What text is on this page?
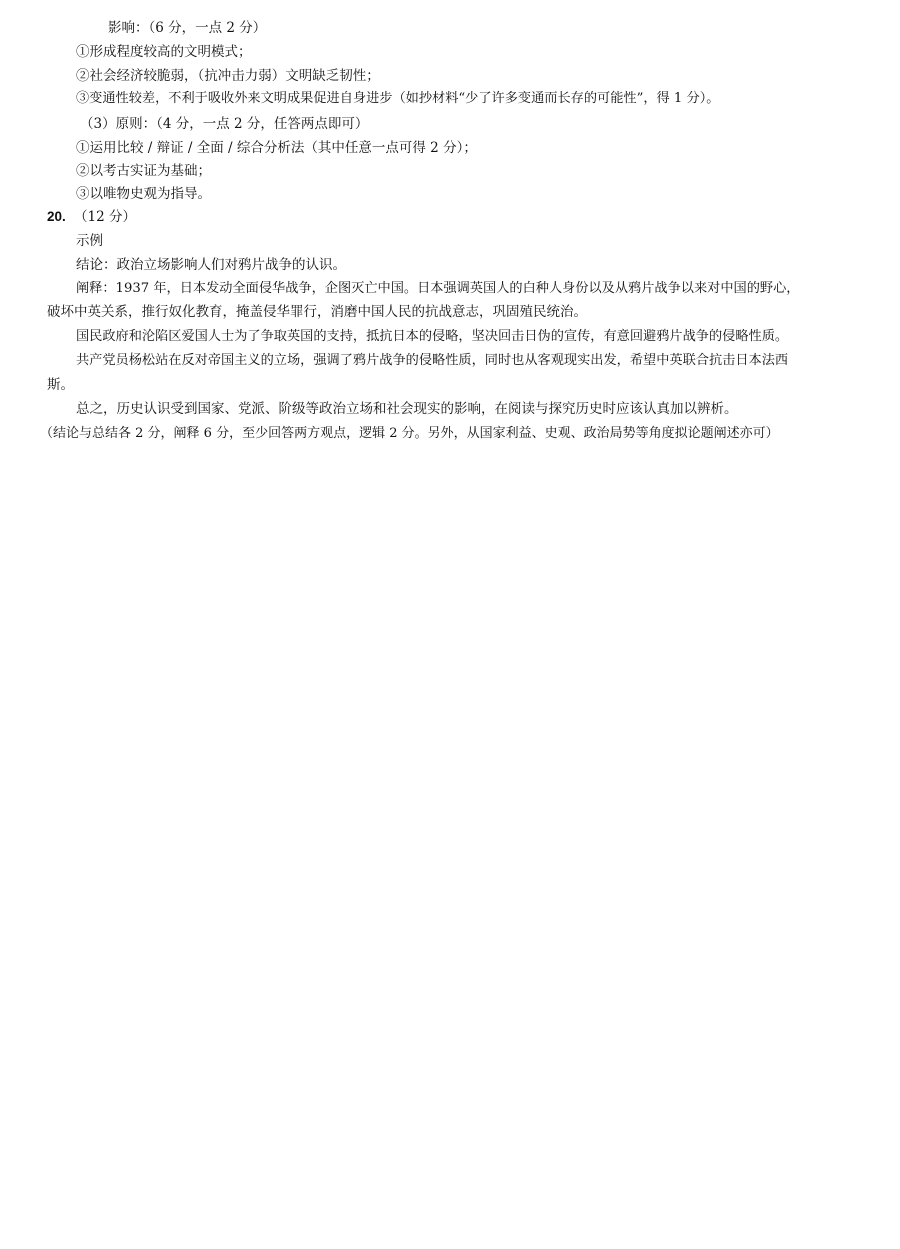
影响：（6 分，一点 2 分）
①形成程度较高的文明模式；
②社会经济较脆弱，（抗冲击力弱）文明缺乏韧性；
③变通性较差，不利于吸收外来文明成果促进自身进步（如抄材料“少了许多变通而长存的可能性”，得 1 分）。
（3）原则：（4 分，一点 2 分，任答两点即可）
①运用比较 / 辩证 / 全面 / 综合分析法（其中任意一点可得 2 分）；
②以考古实证为基础；
③以唯物史观为指导。
20. （12 分）
示例
结论：政治立场影响人们对鸦片战争的认识。
阐释：1937 年，日本发动全面侵华战争，企图灭亡中国。日本强调英国人的白种人身份以及从鸦片战争以来对中国的野心，
破坏中英关系，推行奴化教育，掩盖侵华罪行，消磨中国人民的抗战意志，巩固殖民统治。
国民政府和沦陷区爱国人士为了争取英国的支持，抵抗日本的侵略，坚决回击日伪的宣传，有意回避鸦片战争的侵略性质。
共产党员杨松站在反对帝国主义的立场，强调了鸦片战争的侵略性质，同时也从客观现实出发，希望中英联合抗击日本法西
斯。
总之，历史认识受到国家、党派、阶级等政治立场和社会现实的影响，在阅读与探究历史时应该认真加以辨析。
（结论与总结各 2 分，阐释 6 分，至少回答两方观点，逻辑 2 分。另外，从国家利益、史观、政治局势等角度拟论题阐述亦可）
